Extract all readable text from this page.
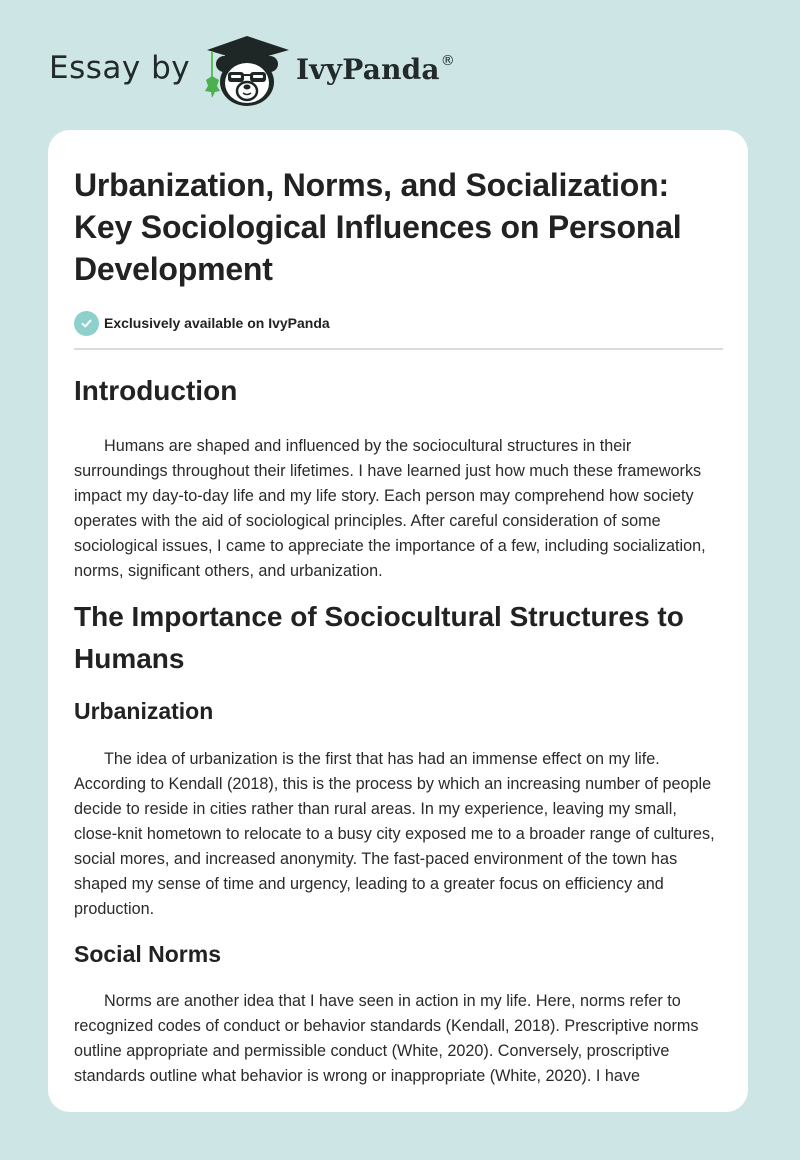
Essay by	IvyPanda®
Urbanization, Norms, and Socialization: Key Sociological Influences on Personal Development
Exclusively available on IvyPanda
Introduction

Humans are shaped and influenced by the sociocultural structures in their surroundings throughout their lifetimes. I have learned just how much these frameworks impact my day-to-day life and my life story. Each person may comprehend how society operates with the aid of sociological principles. After careful consideration of some sociological issues, I came to appreciate the importance of a few, including socialization, norms, significant others, and urbanization.

The Importance of Sociocultural Structures to Humans
Urbanization

The idea of urbanization is the first that has had an immense effect on my life. According to Kendall (2018), this is the process by which an increasing number of people decide to reside in cities rather than rural areas. In my experience, leaving my small, close-knit hometown to relocate to a busy city exposed me to a broader range of cultures, social mores, and increased anonymity. The fast-paced environment of the town has shaped my sense of time and urgency, leading to a greater focus on efficiency and production.

Social Norms

Norms are another idea that I have seen in action in my life. Here, norms refer to recognized codes of conduct or behavior standards (Kendall, 2018). Prescriptive norms outline appropriate and permissible conduct (White, 2020). Conversely, proscriptive standards outline what behavior is wrong or inappropriate (White, 2020). I have
